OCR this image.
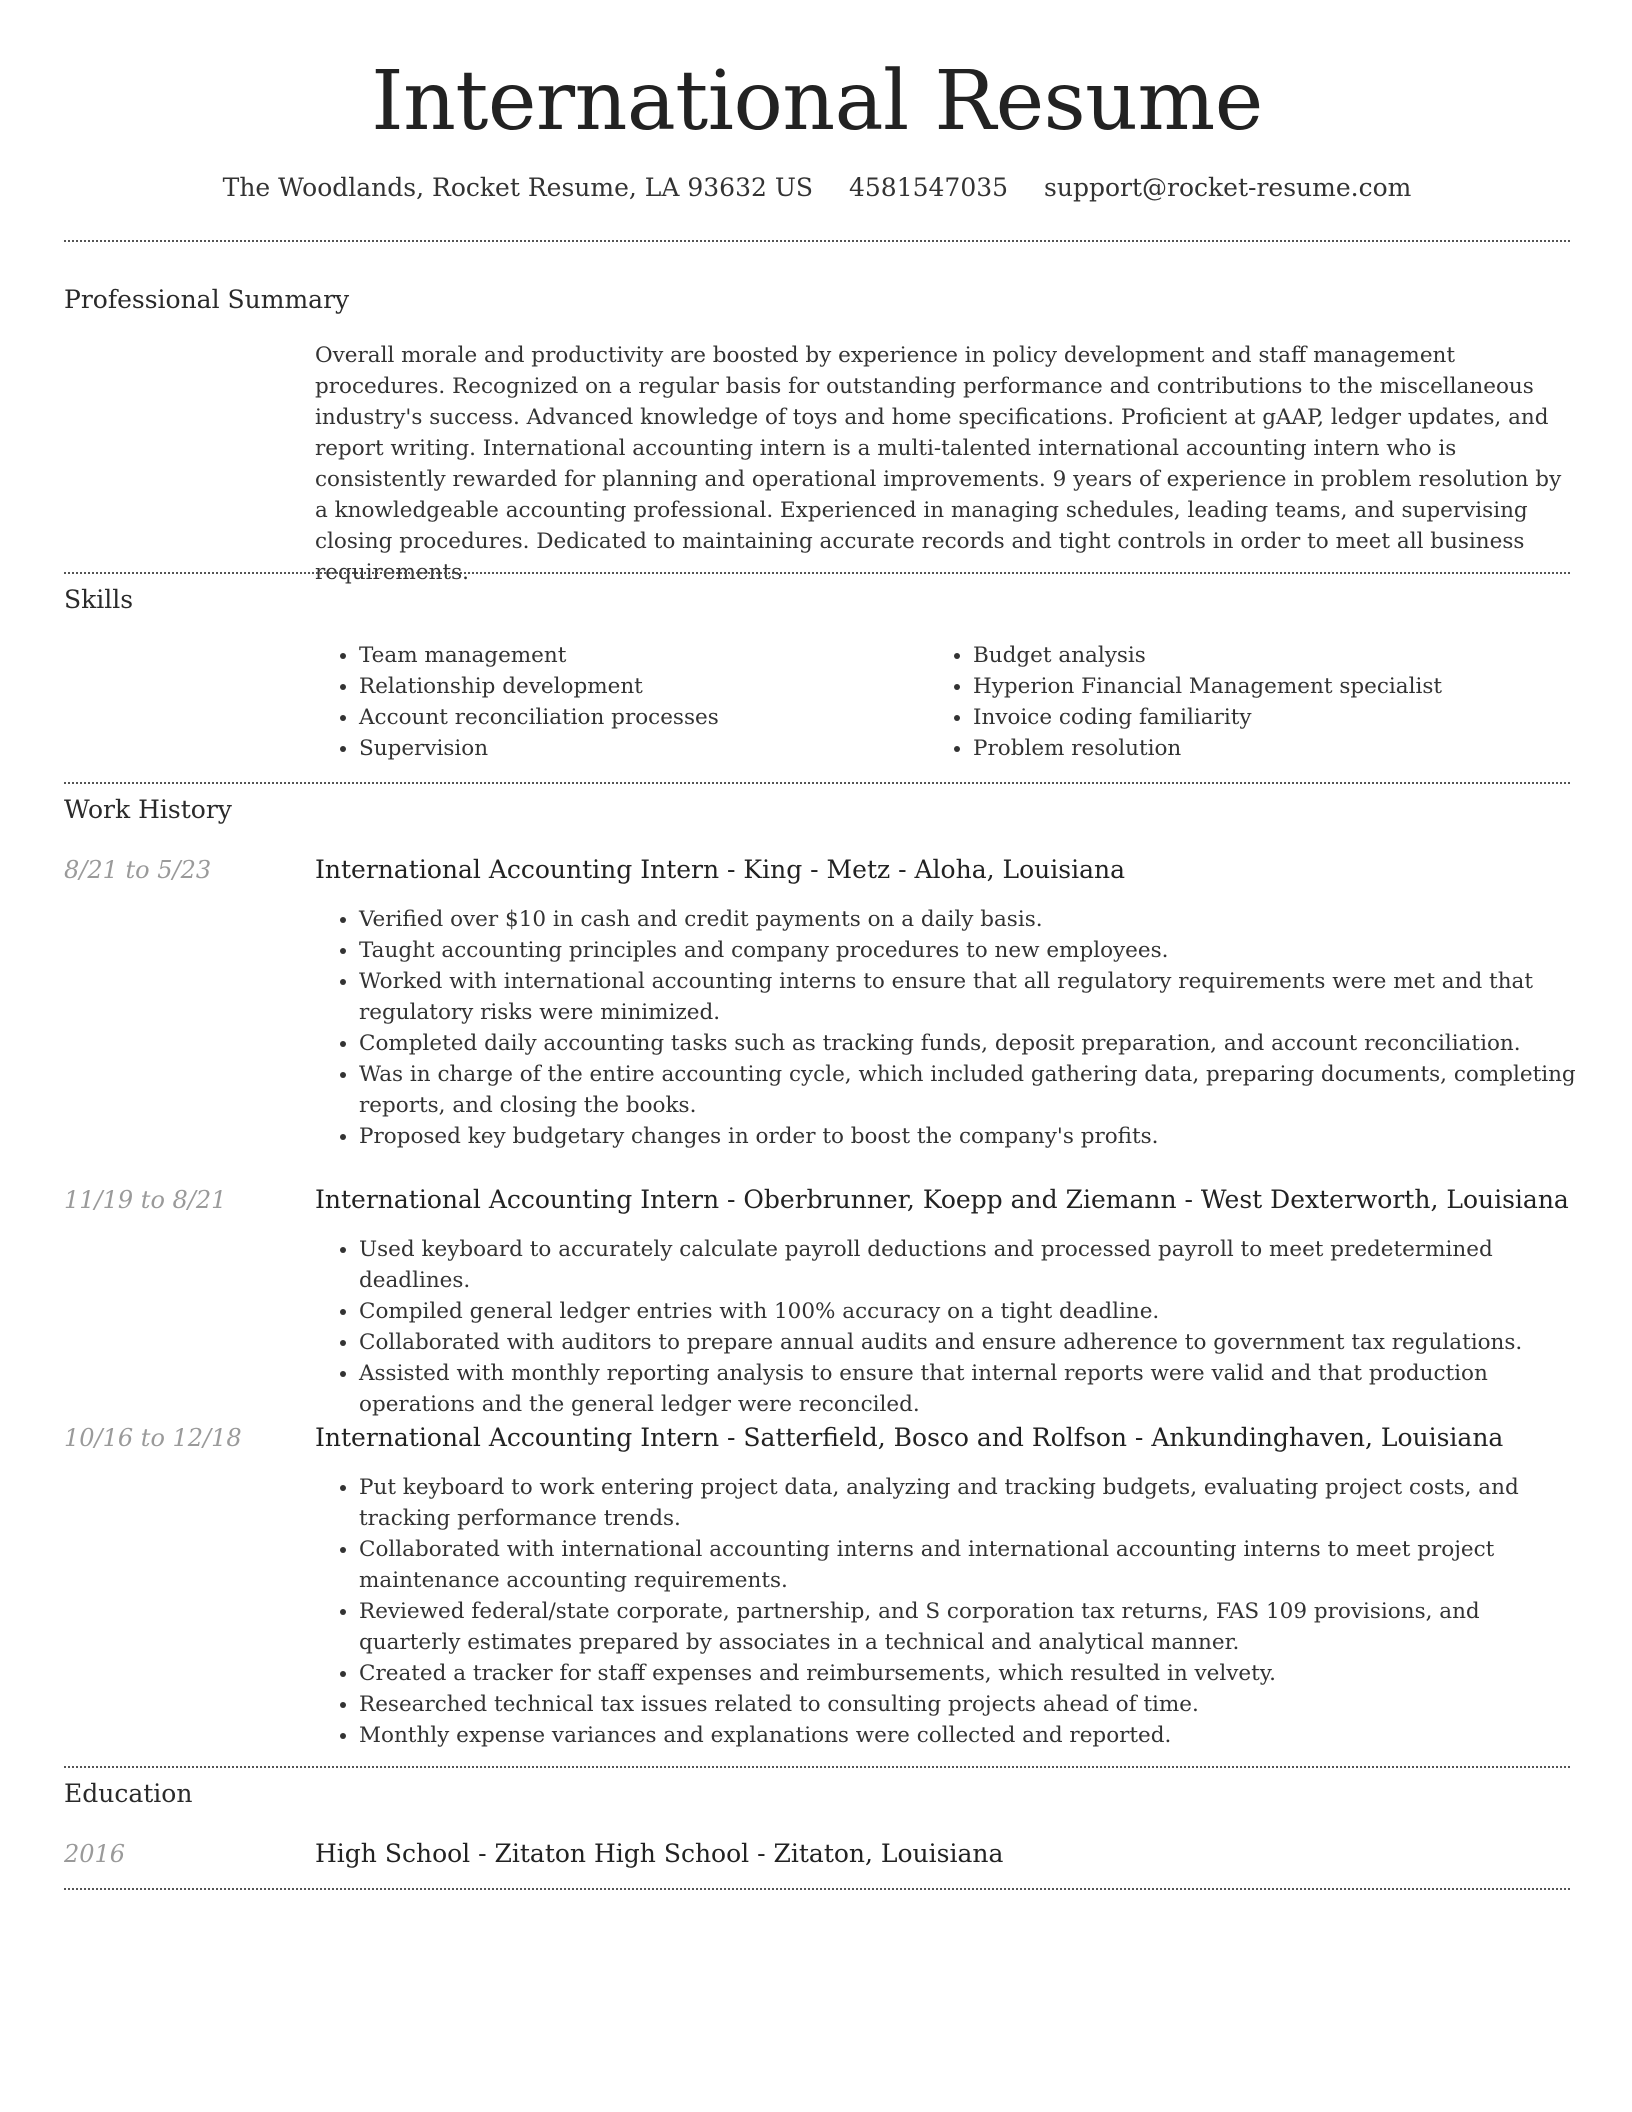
International Resume
The Woodlands, Rocket Resume, LA 93632 US 4581547035 support@rocket-resume.com
Professional Summary

Overall morale and productivity are boosted by experience in policy development and staff management procedures. Recognized on a regular basis for outstanding performance and contributions to the miscellaneous industry's success. Advanced knowledge of toys and home specifications. Proficient at gAAP, ledger updates, and report writing. International accounting intern is a multi-talented international accounting intern who is consistently rewarded for planning and operational improvements. 9 years of experience in problem resolution by a knowledgeable accounting professional. Experienced in managing schedules, leading teams, and supervising closing procedures. Dedicated to maintaining accurate records and tight controls in order to meet all business requirements.

Skills
• Team management
• Relationship development
• Account reconciliation processes
• Supervision
• Budget analysis
• Hyperion Financial Management specialist
• Invoice coding familiarity
• Problem resolution
Work History
8/21 to 5/23	International Accounting Intern - King - Metz - Aloha, Louisiana
• Verified over $10 in cash and credit payments on a daily basis.
• Taught accounting principles and company procedures to new employees.
• Worked with international accounting interns to ensure that all regulatory requirements were met and that regulatory risks were minimized.
• Completed daily accounting tasks such as tracking funds, deposit preparation, and account reconciliation.
• Was in charge of the entire accounting cycle, which included gathering data, preparing documents, completing reports, and closing the books.
• Proposed key budgetary changes in order to boost the company's profits.
11/19 to 8/21	International Accounting Intern - Oberbrunner, Koepp and Ziemann - West Dexterworth, Louisiana
• Used keyboard to accurately calculate payroll deductions and processed payroll to meet predetermined deadlines.
• Compiled general ledger entries with 100% accuracy on a tight deadline.
• Collaborated with auditors to prepare annual audits and ensure adherence to government tax regulations.
• Assisted with monthly reporting analysis to ensure that internal reports were valid and that production operations and the general ledger were reconciled.
10/16 to 12/18	International Accounting Intern - Satterfield, Bosco and Rolfson - Ankundinghaven, Louisiana
• Put keyboard to work entering project data, analyzing and tracking budgets, evaluating project costs, and tracking performance trends.
• Collaborated with international accounting interns and international accounting interns to meet project maintenance accounting requirements.
• Reviewed federal/state corporate, partnership, and S corporation tax returns, FAS 109 provisions, and quarterly estimates prepared by associates in a technical and analytical manner.
• Created a tracker for staff expenses and reimbursements, which resulted in velvety.
• Researched technical tax issues related to consulting projects ahead of time.
• Monthly expense variances and explanations were collected and reported.
Education
2016	High School - Zitaton High School - Zitaton, Louisiana
